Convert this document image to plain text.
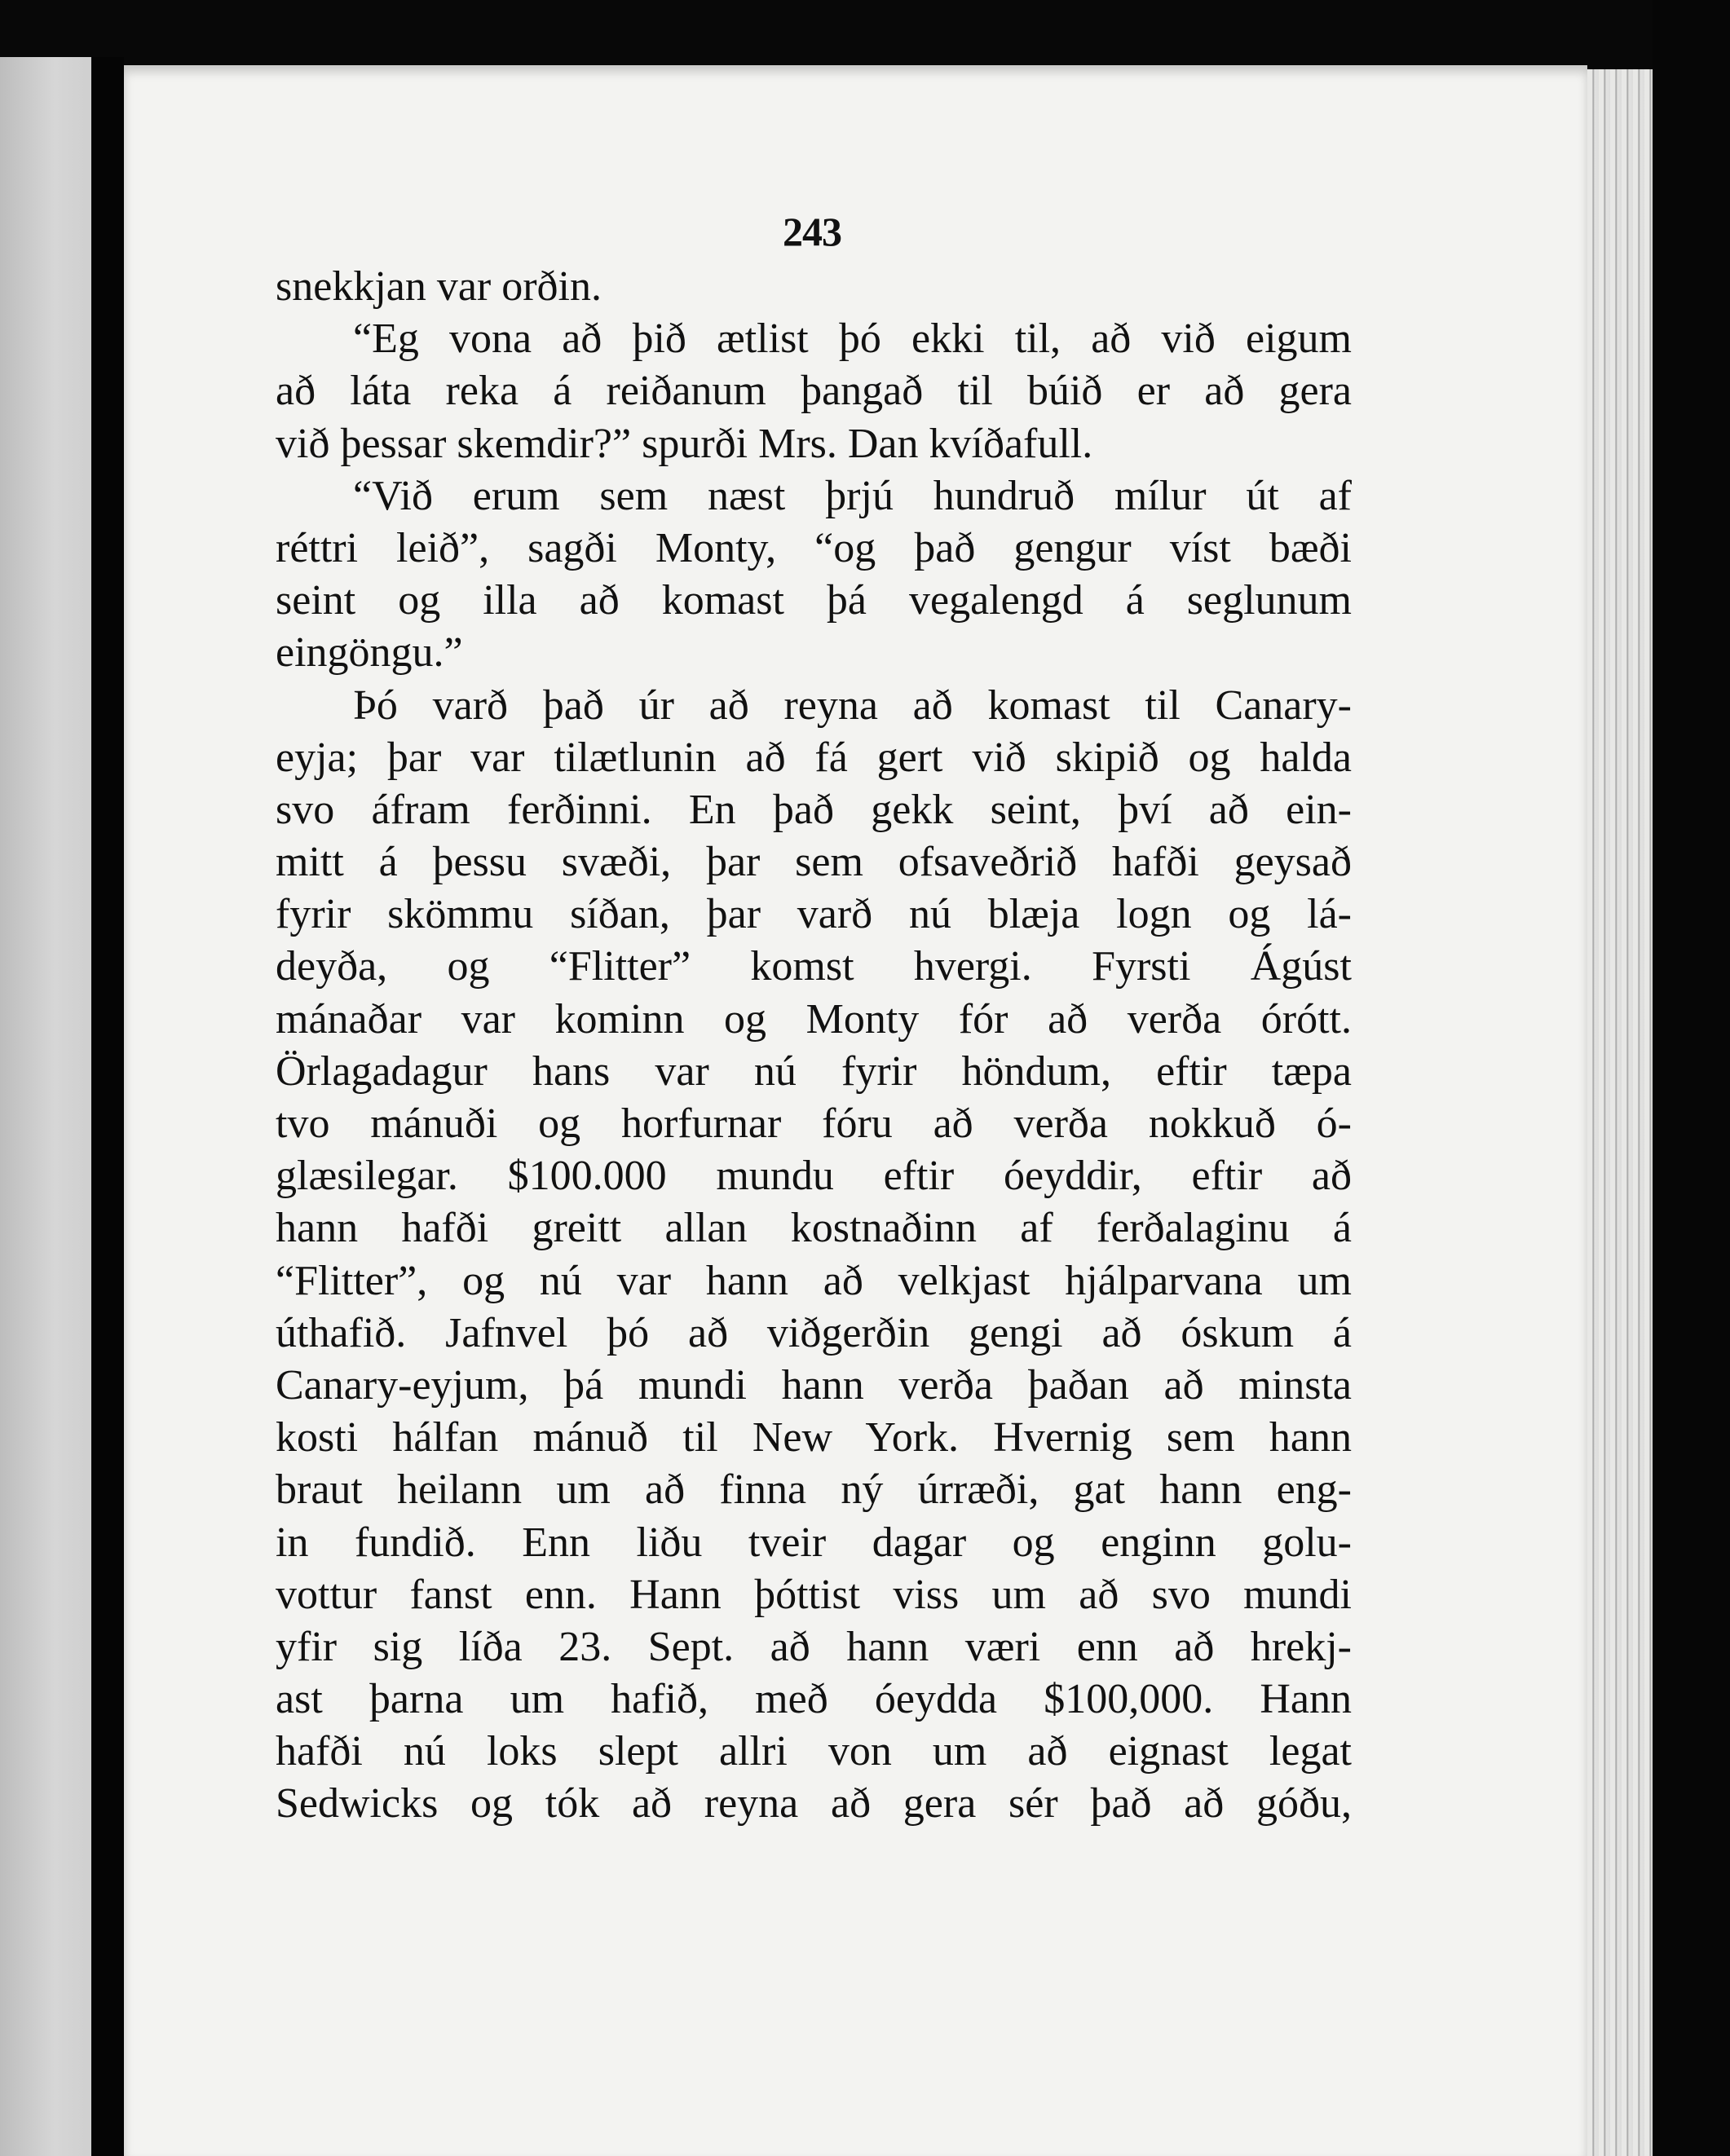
243
snekkjan var orðin.
“Eg vona að þið ætlist þó ekki til, að við eigum
að láta reka á reiðanum þangað til búið er að gera
við þessar skemdir?” spurði Mrs. Dan kvíðafull.
“Við erum sem næst þrjú hundruð mílur út af
réttri leið”, sagði Monty, “og það gengur víst bæði
seint og illa að komast þá vegalengd á seglunum
eingöngu.”
Þó varð það úr að reyna að komast til Canary-
eyja; þar var tilætlunin að fá gert við skipið og halda
svo áfram ferðinni. En það gekk seint, því að ein-
mitt á þessu svæði, þar sem ofsaveðrið hafði geysað
fyrir skömmu síðan, þar varð nú blæja logn og lá-
deyða, og “Flitter” komst hvergi. Fyrsti Ágúst
mánaðar var kominn og Monty fór að verða órótt.
Örlagadagur hans var nú fyrir höndum, eftir tæpa
tvo mánuði og horfurnar fóru að verða nokkuð ó-
glæsilegar. $100.000 mundu eftir óeyddir, eftir að
hann hafði greitt allan kostnaðinn af ferðalaginu á
“Flitter”, og nú var hann að velkjast hjálparvana um
úthafið. Jafnvel þó að viðgerðin gengi að óskum á
Canary-eyjum, þá mundi hann verða þaðan að minsta
kosti hálfan mánuð til New York. Hvernig sem hann
braut heilann um að finna ný úrræði, gat hann eng-
in fundið. Enn liðu tveir dagar og enginn golu-
vottur fanst enn. Hann þóttist viss um að svo mundi
yfir sig líða 23. Sept. að hann væri enn að hrekj-
ast þarna um hafið, með óeydda $100,000. Hann
hafði nú loks slept allri von um að eignast legat
Sedwicks og tók að reyna að gera sér það að góðu,
